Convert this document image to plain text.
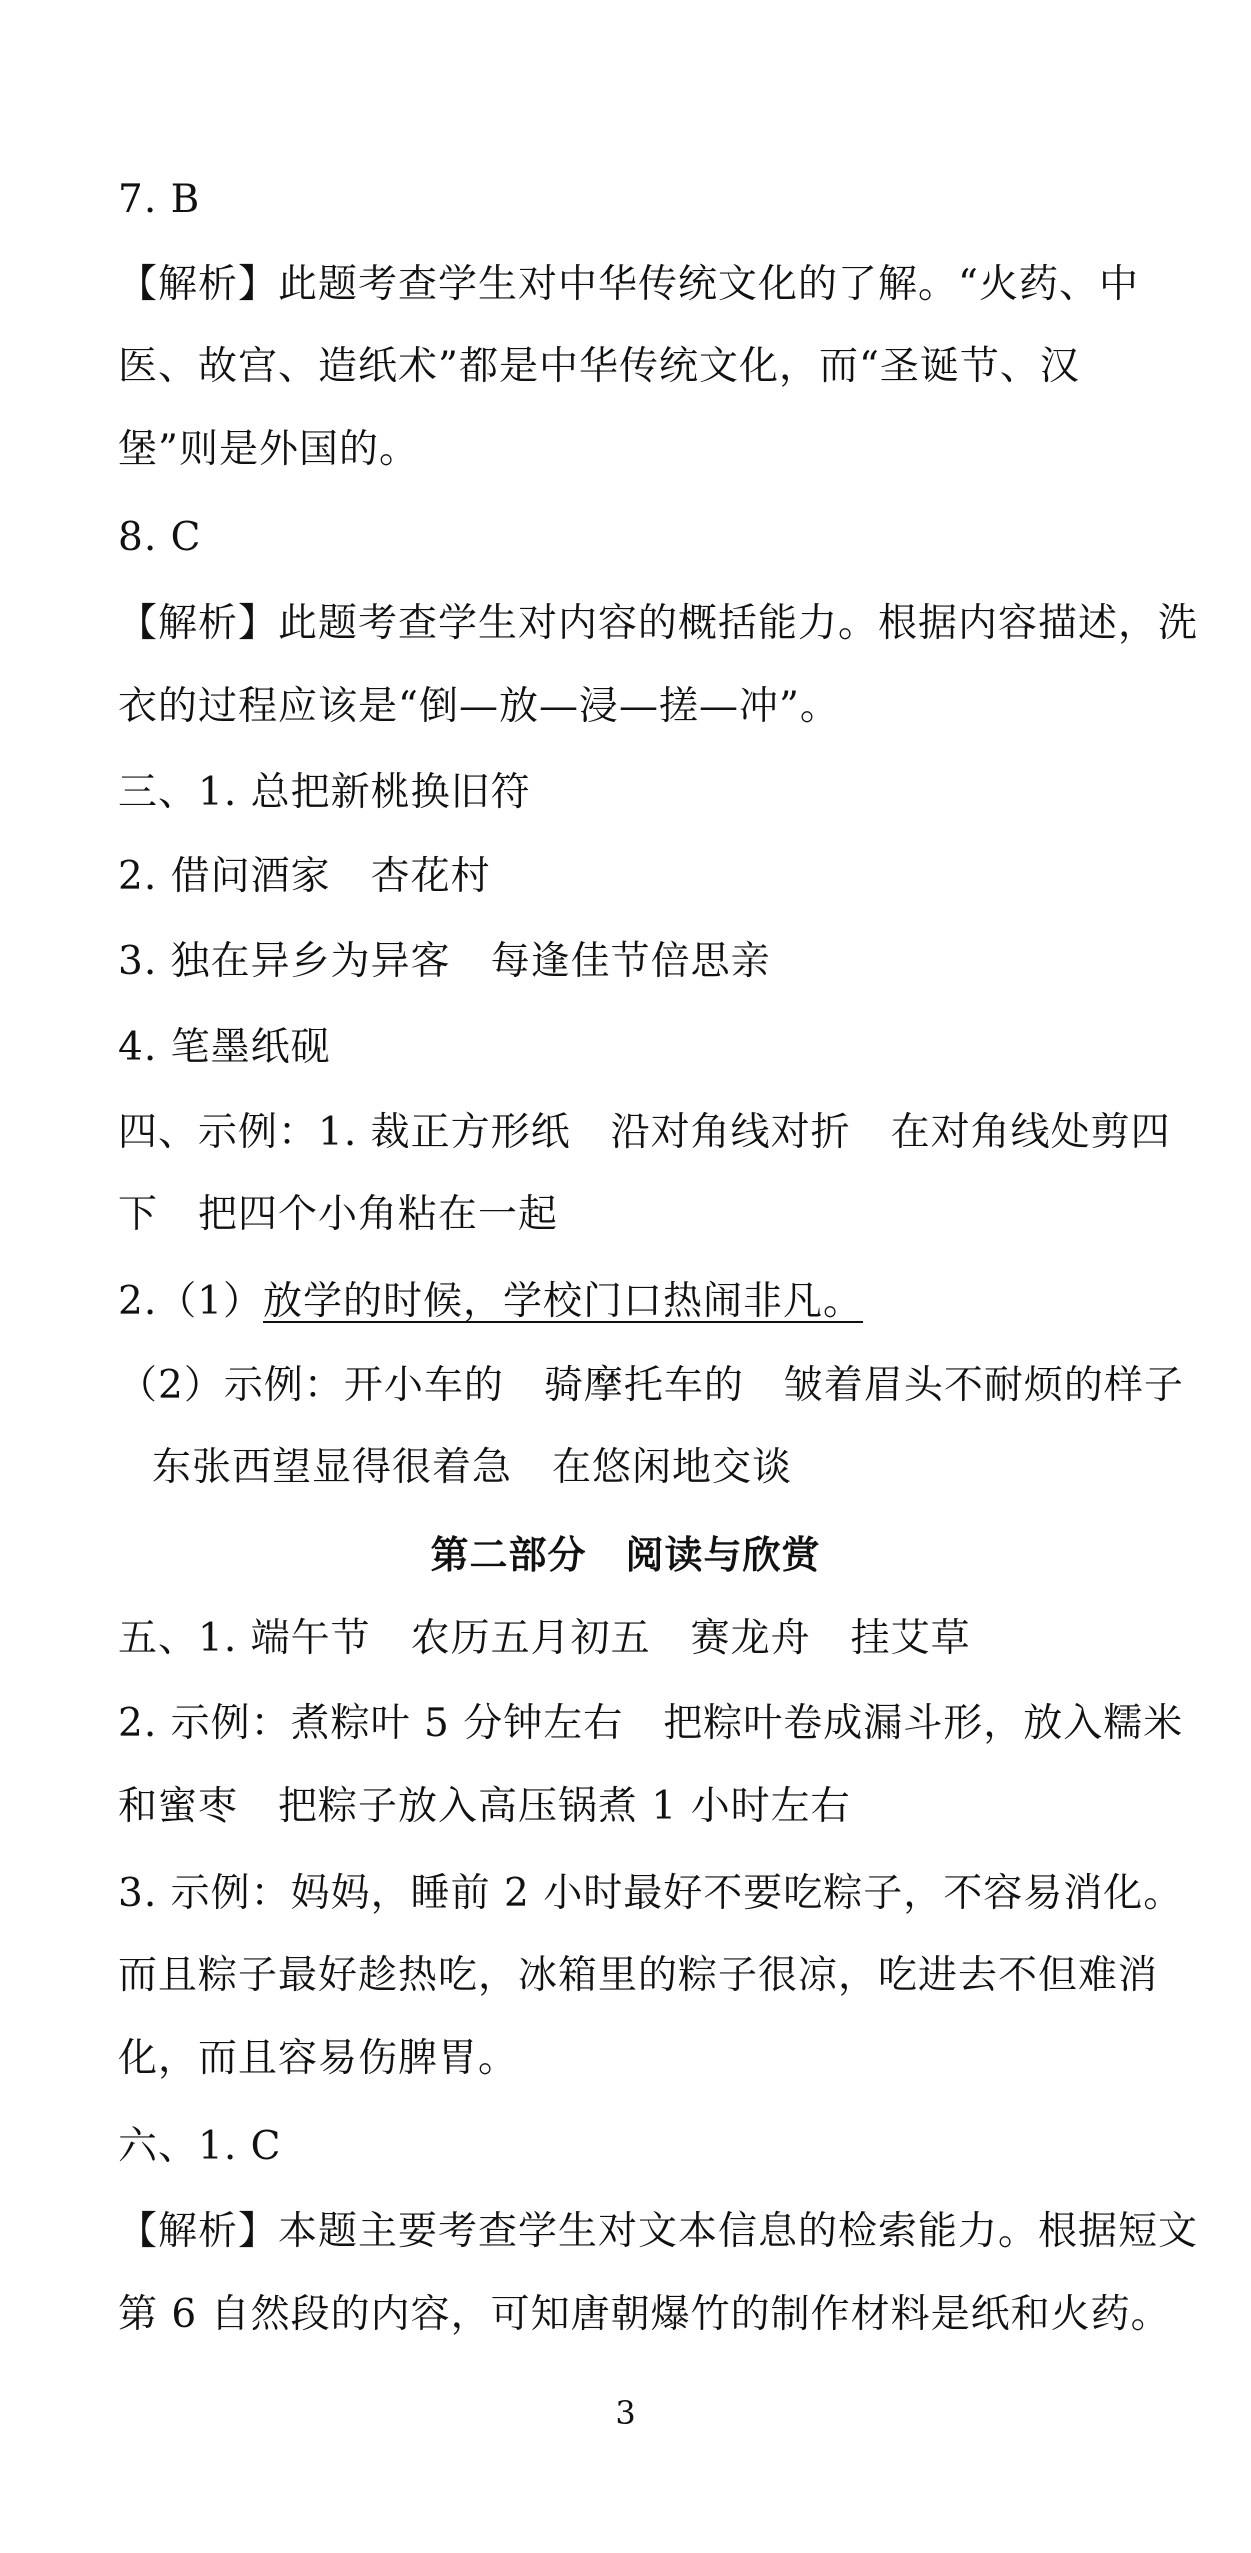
7. B
【解析】此题考查学生对中华传统文化的了解。“火药、中
医、故宫、造纸术”都是中华传统文化，而“圣诞节、汉
堡”则是外国的。
8. C
【解析】此题考查学生对内容的概括能力。根据内容描述，洗
衣的过程应该是“倒—放—浸—搓—冲”。
三、1. 总把新桃换旧符
2. 借问酒家　杏花村
3. 独在异乡为异客　每逢佳节倍思亲
4. 笔墨纸砚
四、示例：1. 裁正方形纸　沿对角线对折　在对角线处剪四
下　把四个小角粘在一起
2.（1）放学的时候，学校门口热闹非凡。
（2）示例：开小车的　骑摩托车的　皱着眉头不耐烦的样子
东张西望显得很着急　在悠闲地交谈
第二部分　阅读与欣赏
五、1. 端午节　农历五月初五　赛龙舟　挂艾草
2. 示例：煮粽叶 5 分钟左右　把粽叶卷成漏斗形，放入糯米
和蜜枣　把粽子放入高压锅煮 1 小时左右
3. 示例：妈妈，睡前 2 小时最好不要吃粽子，不容易消化。
而且粽子最好趁热吃，冰箱里的粽子很凉，吃进去不但难消
化，而且容易伤脾胃。
六、1. C
【解析】本题主要考查学生对文本信息的检索能力。根据短文
第 6 自然段的内容，可知唐朝爆竹的制作材料是纸和火药。
3
